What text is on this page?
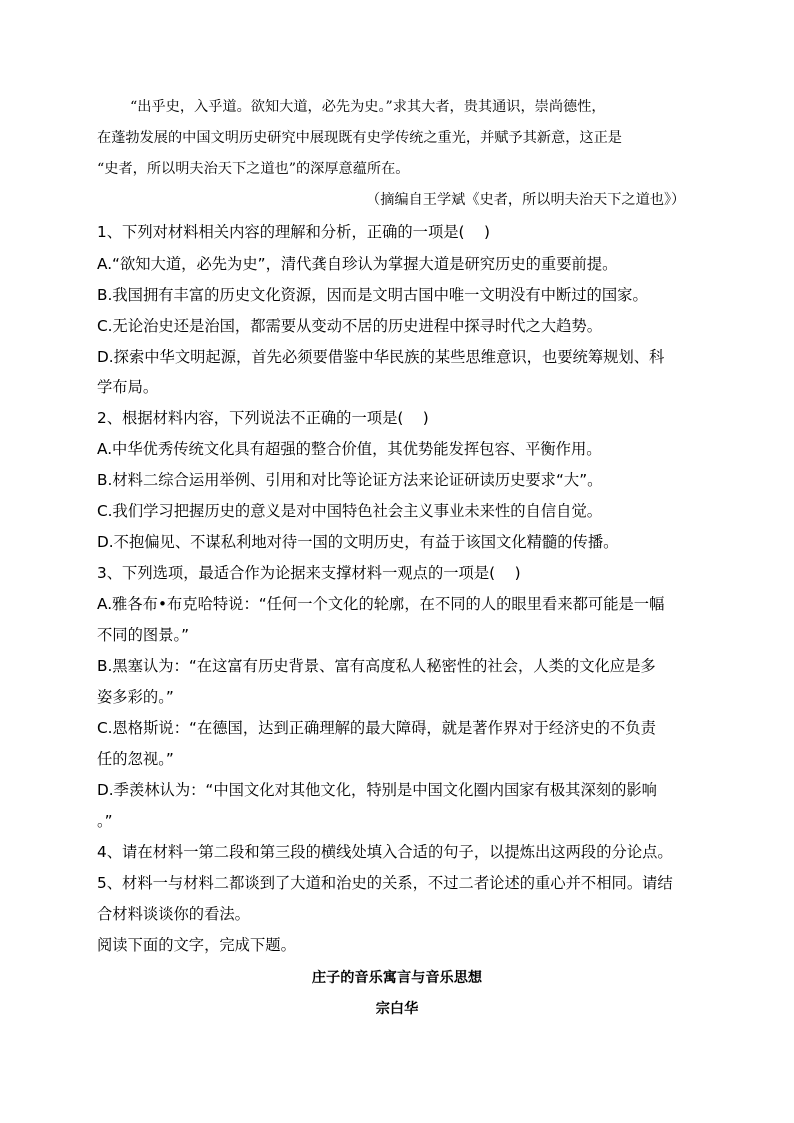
“出乎史，入乎道。欲知大道，必先为史。”求其大者，贵其通识，崇尚德性，
在蓬勃发展的中国文明历史研究中展现既有史学传统之重光，并赋予其新意，这正是
“史者，所以明夫治天下之道也”的深厚意蕴所在。
（摘编自王学斌《史者，所以明夫治天下之道也》）
1、下列对材料相关内容的理解和分析，正确的一项是(    )
A.“欲知大道，必先为史”，清代龚自珍认为掌握大道是研究历史的重要前提。
B.我国拥有丰富的历史文化资源，因而是文明古国中唯一文明没有中断过的国家。
C.无论治史还是治国，都需要从变动不居的历史进程中探寻时代之大趋势。
D.探索中华文明起源，首先必须要借鉴中华民族的某些思维意识，也要统筹规划、科
学布局。
2、根据材料内容，下列说法不正确的一项是(    )
A.中华优秀传统文化具有超强的整合价值，其优势能发挥包容、平衡作用。
B.材料二综合运用举例、引用和对比等论证方法来论证研读历史要求“大”。
C.我们学习把握历史的意义是对中国特色社会主义事业未来性的自信自觉。
D.不抱偏见、不谋私利地对待一国的文明历史，有益于该国文化精髓的传播。
3、下列选项，最适合作为论据来支撑材料一观点的一项是(    )
A.雅各布•布克哈特说：“任何一个文化的轮廓，在不同的人的眼里看来都可能是一幅
不同的图景。”
B.黑塞认为：“在这富有历史背景、富有高度私人秘密性的社会，人类的文化应是多
姿多彩的。”
C.恩格斯说：“在德国，达到正确理解的最大障碍，就是著作界对于经济史的不负责
任的忽视。”
D.季羡林认为：“中国文化对其他文化，特别是中国文化圈内国家有极其深刻的影响
。”
4、请在材料一第二段和第三段的横线处填入合适的句子，以提炼出这两段的分论点。
5、材料一与材料二都谈到了大道和治史的关系，不过二者论述的重心并不相同。请结
合材料谈谈你的看法。
阅读下面的文字，完成下题。
庄子的音乐寓言与音乐思想
宗白华
